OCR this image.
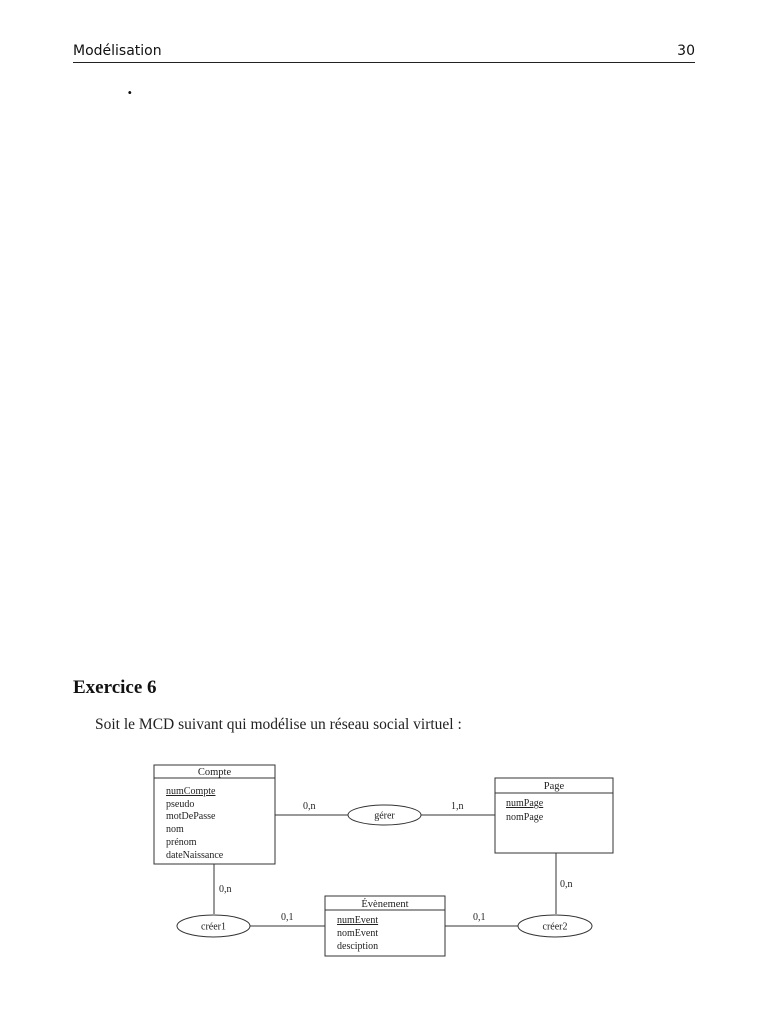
Modélisation	30
.
Exercice 6

Soit le MCD suivant qui modélise un réseau social virtuel :

Compte
numCompte
pseudo
motDePasse
nom
prénom
dateNaissance
Page
numPage
nomPage
Évènement
numEvent
nomEvent
desciption
gérer
créer1	créer2
0,n	1,n
0,n
0,1	0,1
0,n
